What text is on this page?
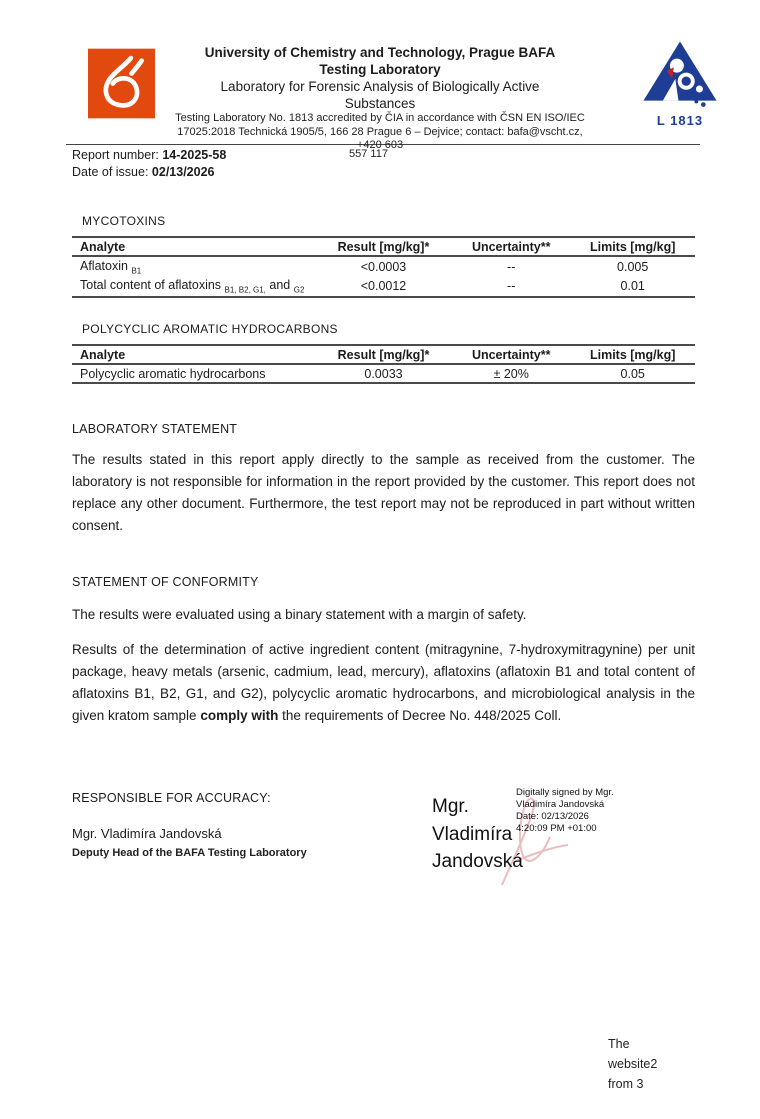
University of Chemistry and Technology, Prague BAFA
Testing Laboratory
Laboratory for Forensic Analysis of Biologically Active
Substances
Testing Laboratory No. 1813 accredited by ČIA in accordance with ČSN EN ISO/IEC
17025:2018 Technická 1905/5, 166 28 Prague 6 – Dejvice; contact: bafa@vscht.cz, +420 603
L 1813
557 117
Report number: 14-2025-58
Date of issue: 02/13/2026
MYCOTOXINS
Analyte	Result [mg/kg]*	Uncertainty**	Limits [mg/kg]
Aflatoxin $_{B1}$	<0.0003	--	0.005
Total content of aflatoxins $_{B1, B2, G1,}$ and $_{G2}$	<0.0012	--	0.01
POLYCYCLIC AROMATIC HYDROCARBONS
Analyte	Result [mg/kg]*	Uncertainty**	Limits [mg/kg]
Polycyclic aromatic hydrocarbons	0.0033	± 20%	0.05
LABORATORY STATEMENT

The results stated in this report apply directly to the sample as received from the customer. The laboratory is not responsible for information in the report provided by the customer. This report does not replace any other document. Furthermore, the test report may not be reproduced in part without written consent.

STATEMENT OF CONFORMITY

The results were evaluated using a binary statement with a margin of safety.

Results of the determination of active ingredient content (mitragynine, 7-hydroxymitragynine) per unit package, heavy metals (arsenic, cadmium, lead, mercury), aflatoxins (aflatoxin B1 and total content of aflatoxins B1, B2, G1, and G2), polycyclic aromatic hydrocarbons, and microbiological analysis in the given kratom sample comply with the requirements of Decree No. 448/2025 Coll.

RESPONSIBLE FOR ACCURACY:
Mgr. Vladimíra Jandovská
Deputy Head of the BAFA Testing Laboratory
Mgr.
Vladimíra
Jandovská
Digitally signed by Mgr.
Vladimíra Jandovská
Date: 02/13/2026
4:20:09 PM +01:00
The
website2
from 3
